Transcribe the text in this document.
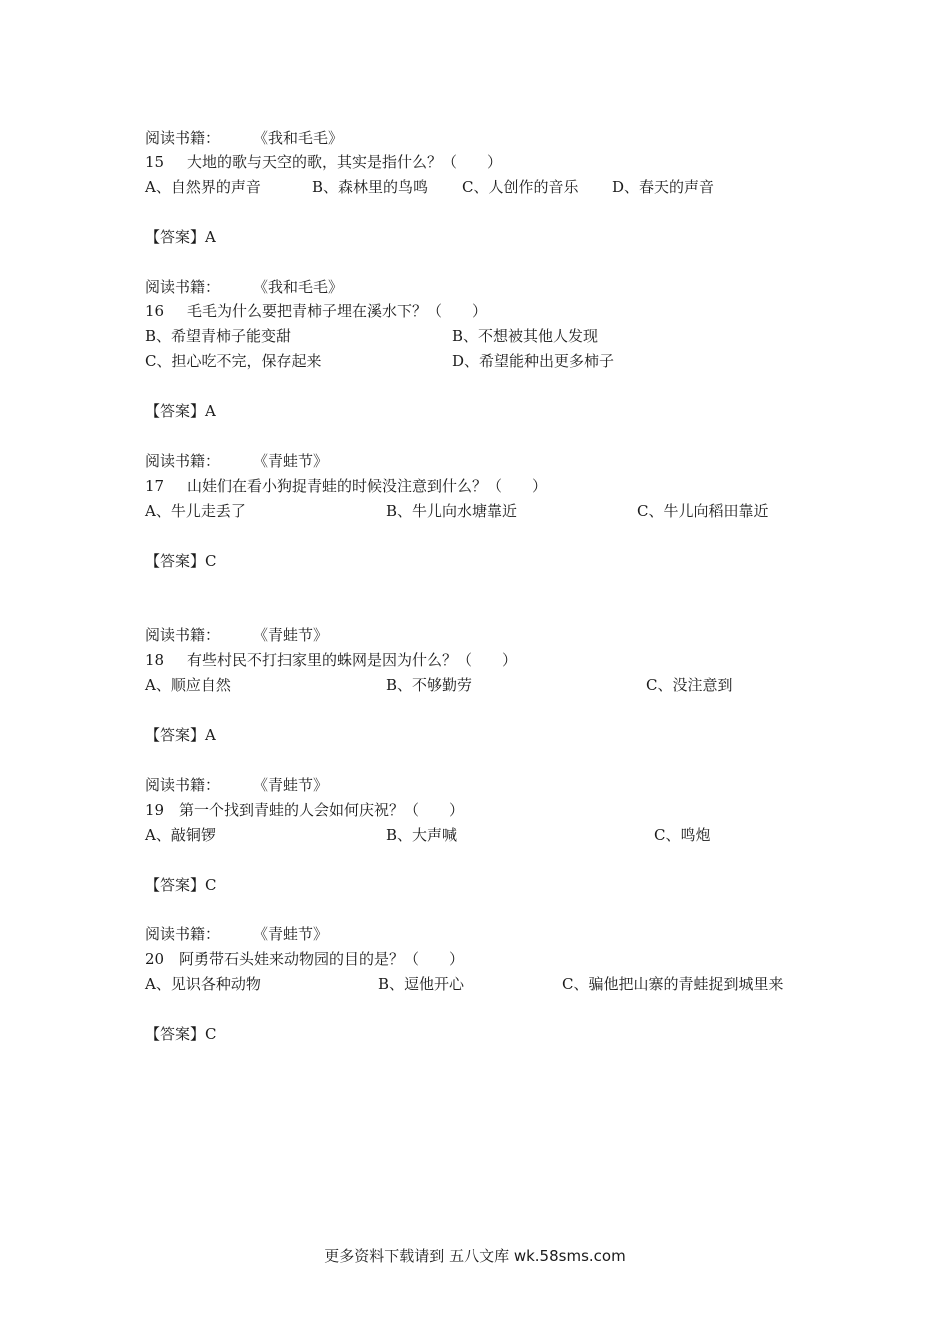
阅读书籍： 《我和毛毛》
15 大地的歌与天空的歌，其实是指什么？（　　）
A、自然界的声音	B、森林里的鸟鸣 C、人创作的音乐 D、春天的声音
【答案】A
阅读书籍： 《我和毛毛》
16 毛毛为什么要把青柿子埋在溪水下？（　　）
B、希望青柿子能变甜	B、不想被其他人发现
C、担心吃不完，保存起来	D、希望能种出更多柿子
【答案】A
阅读书籍： 《青蛙节》
17 山娃们在看小狗捉青蛙的时候没注意到什么？（　　）
A、牛儿走丢了	B、牛儿向水塘靠近	C、牛儿向稻田靠近
【答案】C
阅读书籍： 《青蛙节》
18 有些村民不打扫家里的蛛网是因为什么？（　　）
A、顺应自然	B、不够勤劳	C、没注意到
【答案】A
阅读书籍： 《青蛙节》
19 第一个找到青蛙的人会如何庆祝？（　　）
A、敲铜锣	B、大声喊	C、鸣炮
【答案】C
阅读书籍： 《青蛙节》
20 阿勇带石头娃来动物园的目的是？（　　）
A、见识各种动物	B、逗他开心	C、骗他把山寨的青蛙捉到城里来
【答案】C
更多资料下载请到 五八文库 wk.58sms.com
